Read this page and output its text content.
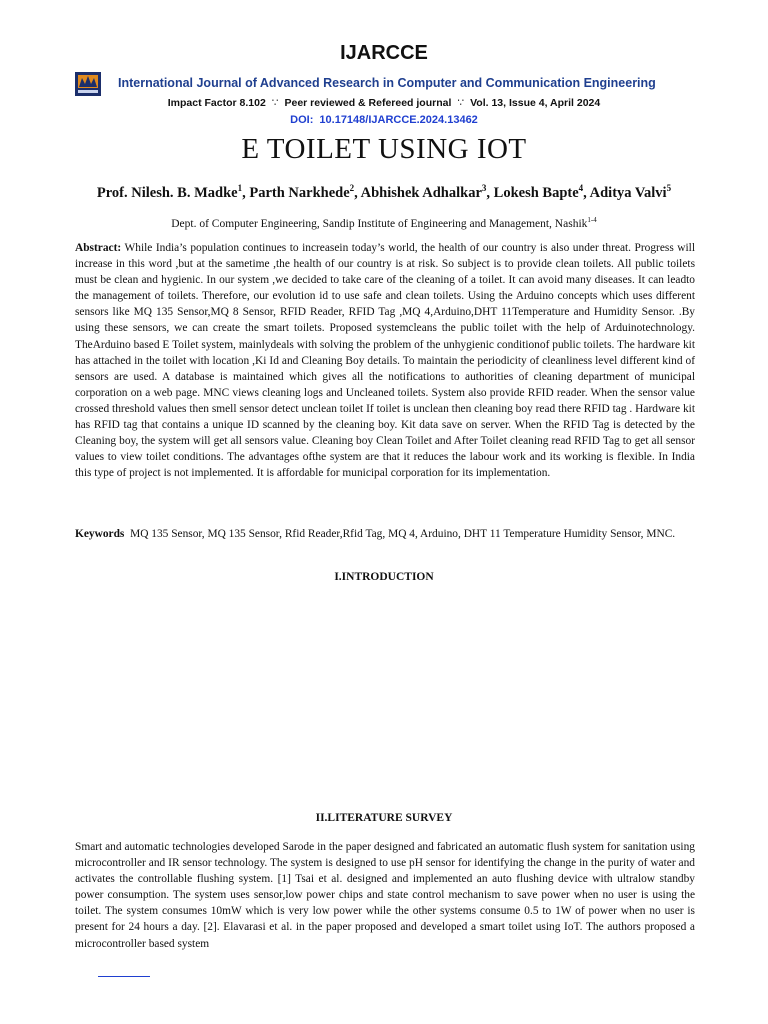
IJARCCE
International Journal of Advanced Research in Computer and Communication Engineering
Impact Factor 8.102 ∵ Peer reviewed & Refereed journal ∵ Vol. 13, Issue 4, April 2024
DOI: 10.17148/IJARCCE.2024.13462
E TOILET USING IOT
Prof. Nilesh. B. Madke$^1$, Parth Narkhede$^2$, Abhishek Adhalkar$^3$, Lokesh Bapte$^4$, Aditya Valvi$^5$
Dept. of Computer Engineering, Sandip Institute of Engineering and Management, Nashik$^{1-4}$
Abstract: While India’s population continues to increasein today’s world, the health of our country is also under threat. Progress will increase in this word ,but at the sametime ,the health of our country is at risk. So subject is to provide clean toilets. All public toilets must be clean and hygienic. In our system ,we decided to take care of the cleaning of a toilet. It can avoid many diseases. It can leadto the management of toilets. Therefore, our evolution id to use safe and clean toilets. Using the Arduino concepts which uses different sensors like MQ 135 Sensor,MQ 8 Sensor, RFID Reader, RFID Tag ,MQ 4,Arduino,DHT 11Temperature and Humidity Sensor. .By using these sensors, we can create the smart toilets. Proposed systemcleans the public toilet with the help of Arduinotechnology. TheArduino based E Toilet system, mainlydeals with solving the problem of the unhygienic conditionof public toilets. The hardware kit has attached in the toilet with location ,Ki Id and Cleaning Boy details. To maintain the periodicity of cleanliness level different kind of sensors are used. A database is maintained which gives all the notifications to authorities of cleaning department of municipal corporation on a web page. MNC views cleaning logs and Uncleaned toilets. System also provide RFID reader. When the sensor value crossed threshold values then smell sensor detect unclean toilet If toilet is unclean then cleaning boy read there RFID tag . Hardware kit has RFID tag that contains a unique ID scanned by the cleaning boy. Kit data save on server. When the RFID Tag is detected by the Cleaning boy, the system will get all sensors value. Cleaning boy Clean Toilet and After Toilet cleaning read RFID Tag to get all sensor values to view toilet conditions. The advantages ofthe system are that it reduces the labour work and its working is flexible. In India this type of project is not implemented. It is affordable for municipal corporation for its implementation.
Keywords MQ 135 Sensor, MQ 135 Sensor, Rfid Reader,Rfid Tag, MQ 4, Arduino, DHT 11 Temperature Humidity Sensor, MNC.
I.INTRODUCTION
II.LITERATURE SURVEY
Smart and automatic technologies developed Sarode in the paper designed and fabricated an automatic flush system for sanitation using microcontroller and IR sensor technology. The system is designed to use pH sensor for identifying the change in the purity of water and activates the controllable flushing system. [1] Tsai et al. designed and implemented an auto flushing device with ultralow standby power consumption. The system uses sensor,low power chips and state control mechanism to save power when no user is using the toilet. The system consumes 10mW which is very low power while the other systems consume 0.5 to 1W of power when no user is present for 24 hours a day. [2]. Elavarasi et al. in the paper proposed and developed a smart toilet using IoT. The authors proposed a microcontroller based system
